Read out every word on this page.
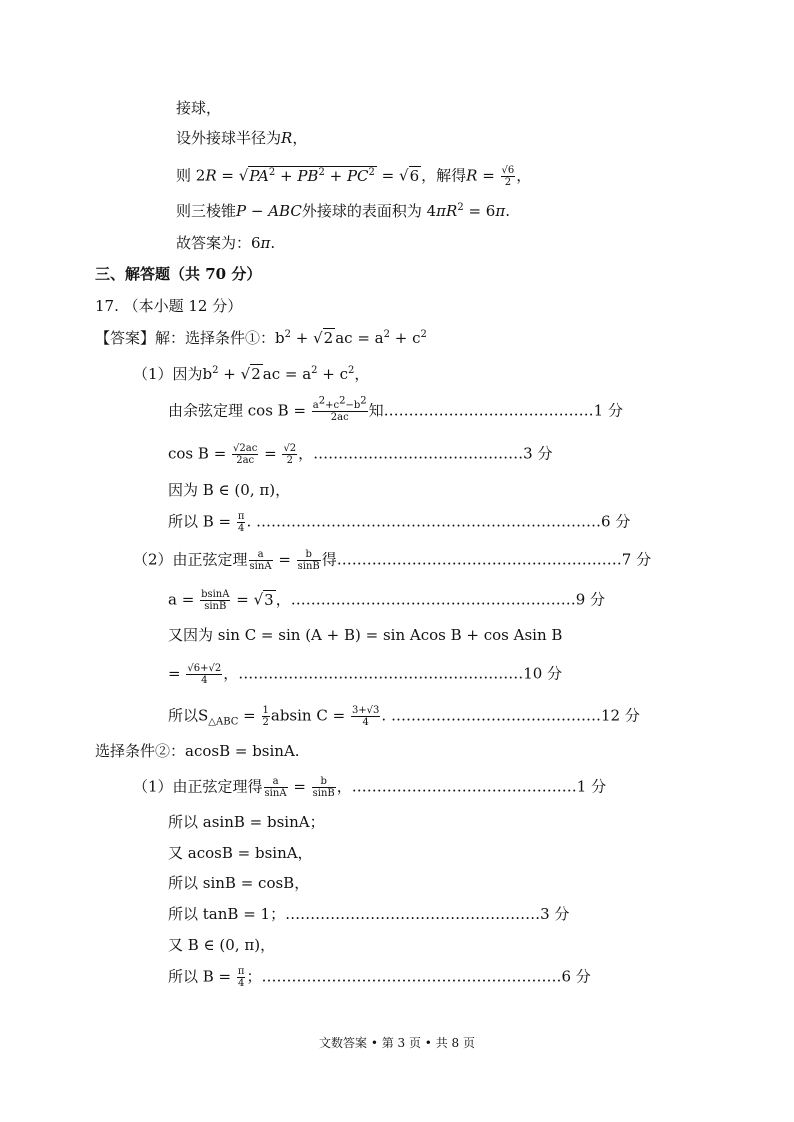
接球，
设外接球半径为R，
则 $2R = √PA^2 + PB^2 + PC^2 = √6$ ，解得$R = \frac{√6}{2}$ ，
则三棱锥P − ABC外接球的表面积为 $4\pi R^2 = 6\pi$.
故答案为：6π.
三、解答题（共 70 分）
17. （本小题 12 分）
【答案】解：选择条件①：$b^2 + √2$ ac = $a^2 + c^2$
（1）因为$b^2 + √2$ ac = $a^2 + c^2$，
由余弦定理 $\cos B = \frac{a^2+c^2-b^2}{2ac}$ 知……………………………………1 分
$\cos B = \frac{√2ac}{2ac} = \frac{√2}{2}$ ，……………………………………3 分
因为 B ∈ (0, π)，
所以 $B = \frac{\pi}{4}$ . ……………………………………………………………6 分
（2）由正弦定理 $\frac{a}{\sin A} = \frac{b}{\sin B}$ 得…………………………………………………7 分
$a = \frac{bsinA}{\sin B} = √3$ ，…………………………………………………9 分
又因为 sin C = sin (A + B) = sin Acos B + cos Asin B
= $\frac{√6+√2}{4}$ ，…………………………………………………10 分
所以$S_{\triangle ABC} = \frac{1}{2}$ absin $C = \frac{3+√3}{4}$ . ……………………………………12 分
选择条件②：acosB = bsinA.
（1）由正弦定理得 $\frac{a}{\sin A} = \frac{b}{\sin B}$ ，………………………………………1 分
所以 asinB = bsinA；
又 acosB = bsinA，
所以 sinB = cosB，
所以 tanB = 1；……………………………………………3 分
又 B ∈ (0, π)，
所以 $B = \frac{\pi}{4}$ ；……………………………………………………6 分
文数答案 • 第 3 页 • 共 8 页
